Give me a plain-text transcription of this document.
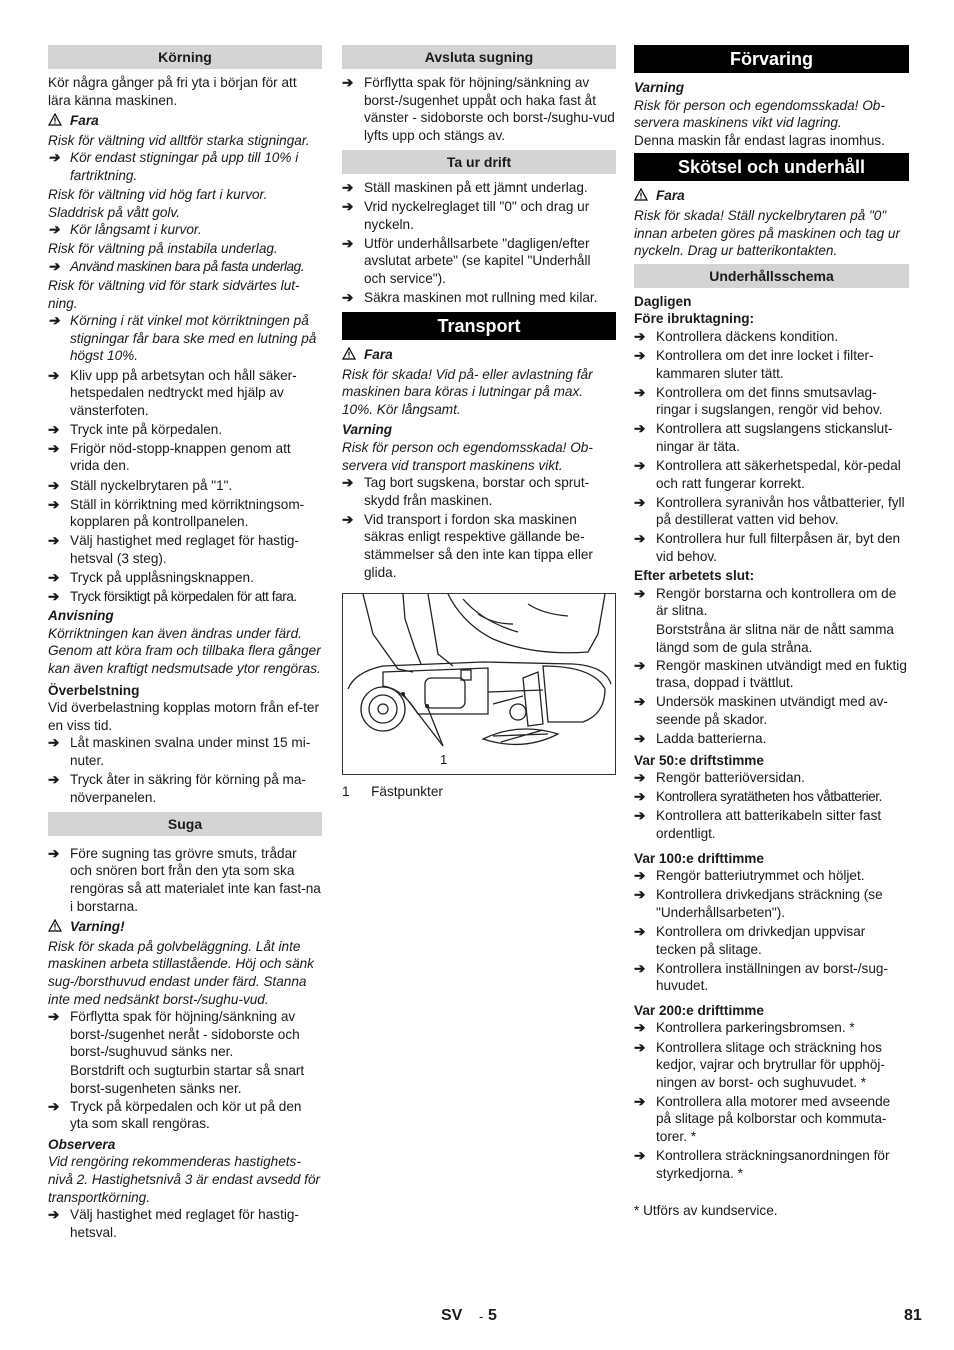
Körning

Kör några gånger på fri yta i början för att lära känna maskinen.

Fara

Risk för vältning vid alltför starka stigningar.

➔ Kör endast stigningar på upp till 10% i fartriktning.

Risk för vältning vid hög fart i kurvor. Sladdrisk på vått golv.

➔ Kör långsamt i kurvor.

Risk för vältning på instabila underlag.

➔ Använd maskinen bara på fasta underlag.

Risk för vältning vid för stark sidvärtes lut-ning.

➔ Körning i rät vinkel mot körriktningen på stigningar får bara ske med en lutning på högst 10%.
➔ Kliv upp på arbetsytan och håll säker-hetspedalen nedtryckt med hjälp av vänsterfoten.
➔ Tryck inte på körpedalen.
➔ Frigör nöd-stopp-knappen genom att vrida den.
➔ Ställ nyckelbrytaren på "1".
➔ Ställ in körriktning med körriktningsom-kopplaren på kontrollpanelen.
➔ Välj hastighet med reglaget för hastig-hetsval (3 steg).
➔ Tryck på upplåsningsknappen.
➔ Tryck försiktigt på körpedalen för att fara.
Anvisning

Körriktningen kan även ändras under färd. Genom att köra fram och tillbaka flera gånger kan även kraftigt nedsmutsade ytor rengöras.

Överbelstning

Vid överbelastning kopplas motorn från ef-ter en viss tid.

➔ Låt maskinen svalna under minst 15 mi-nuter.
➔ Tryck åter in säkring för körning på ma-növerpanelen.
Suga
➔ Före sugning tas grövre smuts, trådar och snören bort från den yta som ska rengöras så att materialet inte kan fast-na i borstarna.
Varning!

Risk för skada på golvbeläggning. Låt inte maskinen arbeta stillastående. Höj och sänk sug-/borsthuvud endast under färd. Stanna inte med nedsänkt borst-/sughu-vud.

➔ Förflytta spak för höjning/sänkning av borst-/sugenhet neråt - sidoborste och borst-/sughuvud sänks ner.

Borstdrift och sugturbin startar så snart borst-sugenheten sänks ner.

➔ Tryck på körpedalen och kör ut på den yta som skall rengöras.
Observera

Vid rengöring rekommenderas hastighets-nivå 2. Hastighetsnivå 3 är endast avsedd för transportkörning.

➔ Välj hastighet med reglaget för hastig-hetsval.
Avsluta sugning
➔ Förflytta spak för höjning/sänkning av borst-/sugenhet uppåt och haka fast åt vänster - sidoborste och borst-/sughu-vud lyfts upp och stängs av.
Ta ur drift
➔ Ställ maskinen på ett jämnt underlag.
➔ Vrid nyckelreglaget till "0" och drag ur nyckeln.
➔ Utför underhållsarbete "dagligen/efter avslutat arbete" (se kapitel "Underhåll och service").
➔ Säkra maskinen mot rullning med kilar.
Transport
Fara

Risk för skada! Vid på- eller avlastning får maskinen bara köras i lutningar på max. 10%. Kör långsamt.

Varning

Risk för person och egendomsskada! Ob-servera vid transport maskinens vikt.

➔ Tag bort sugskena, borstar och sprut-skydd från maskinen.
➔ Vid transport i fordon ska maskinen säkras enligt respektive gällande be-stämmelser så den inte kan tippa eller glida.
1
1 Fästpunkter
Förvaring
Varning

Risk för person och egendomsskada! Ob-servera maskinens vikt vid lagring.

Denna maskin får endast lagras inomhus.

Skötsel och underhåll
Fara

Risk för skada! Ställ nyckelbrytaren på "0" innan arbeten göres på maskinen och tag ur nyckeln. Drag ur batterikontakten.

Underhållsschema
Dagligen
Före ibruktagning:
➔ Kontrollera däckens kondition.
➔ Kontrollera om det inre locket i filter-kammaren sluter tätt.
➔ Kontrollera om det finns smutsavlag-ringar i sugslangen, rengör vid behov.
➔ Kontrollera att sugslangens stickanslut-ningar är täta.
➔ Kontrollera att säkerhetspedal, kör-pedal och ratt fungerar korrekt.
➔ Kontrollera syranivån hos våtbatterier, fyll på destillerat vatten vid behov.
➔ Kontrollera hur full filterpåsen är, byt den vid behov.
Efter arbetets slut:
➔ Rengör borstarna och kontrollera om de är slitna.

Borststråna är slitna när de nått samma längd som de gula stråna.

➔ Rengör maskinen utvändigt med en fuktig trasa, doppad i tvättlut.
➔ Undersök maskinen utvändigt med av-seende på skador.
➔ Ladda batterierna.
Var 50:e driftstimme
➔ Rengör batteriöversidan.
➔ Kontrollera syratätheten hos våtbatterier.
➔ Kontrollera att batterikabeln sitter fast ordentligt.
Var 100:e drifttimme
➔ Rengör batteriutrymmet och höljet.
➔ Kontrollera drivkedjans sträckning (se "Underhållsarbeten").
➔ Kontrollera om drivkedjan uppvisar tecken på slitage.
➔ Kontrollera inställningen av borst-/sug-huvudet.
Var 200:e drifttimme
➔ Kontrollera parkeringsbromsen. *
➔ Kontrollera slitage och sträckning hos kedjor, vajrar och brytrullar för upphöj-ningen av borst- och sughuvudet. *
➔ Kontrollera alla motorer med avseende på slitage på kolborstar och kommuta-torer. *
➔ Kontrollera sträckningsanordningen för styrkedjorna. *

* Utförs av kundservice.

SV - 5	81
